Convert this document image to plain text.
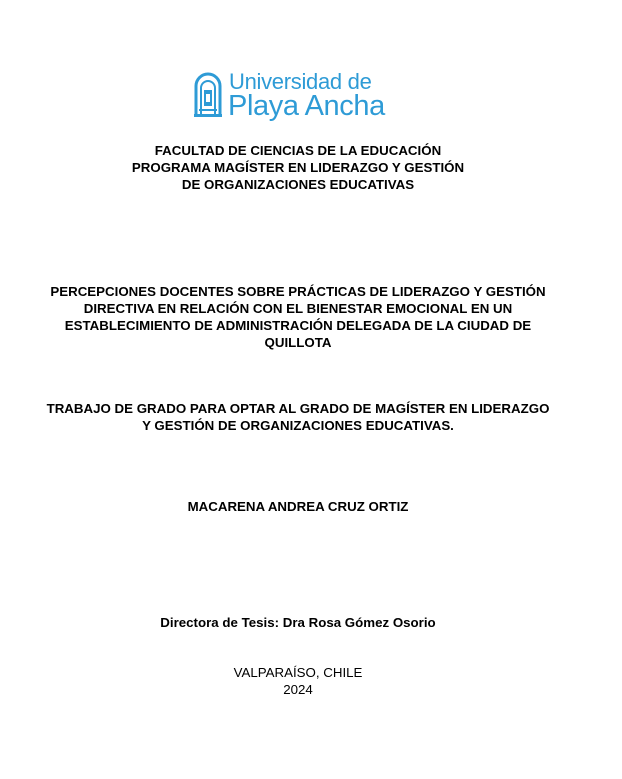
Universidad de
Playa Ancha
FACULTAD DE CIENCIAS DE LA EDUCACIÓN
PROGRAMA MAGÍSTER EN LIDERAZGO Y GESTIÓN
DE ORGANIZACIONES EDUCATIVAS
PERCEPCIONES DOCENTES SOBRE PRÁCTICAS DE LIDERAZGO Y GESTIÓN
DIRECTIVA EN RELACIÓN CON EL BIENESTAR EMOCIONAL EN UN
ESTABLECIMIENTO DE ADMINISTRACIÓN DELEGADA DE LA CIUDAD DE
QUILLOTA
TRABAJO DE GRADO PARA OPTAR AL GRADO DE MAGÍSTER EN LIDERAZGO
Y GESTIÓN DE ORGANIZACIONES EDUCATIVAS.
MACARENA ANDREA CRUZ ORTIZ
Directora de Tesis: Dra Rosa Gómez Osorio
VALPARAÍSO, CHILE
2024
